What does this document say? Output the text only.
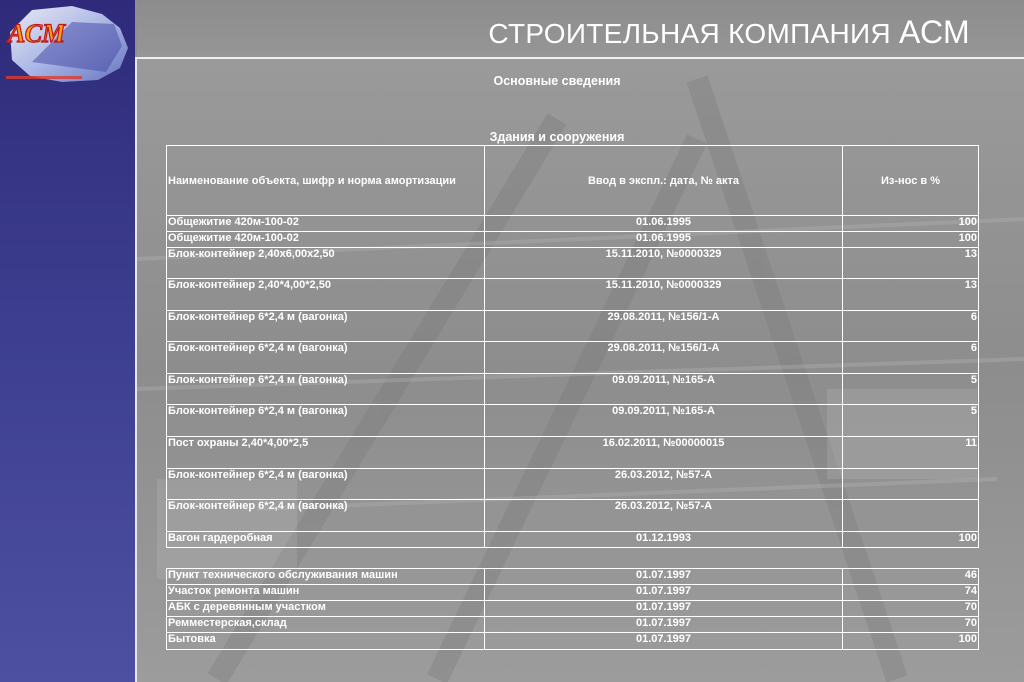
АСМ	СТРОИТЕЛЬНАЯ КОМПАНИЯ АСМ
Основные сведения
Здания и сооружения
Наименование объекта, шифр и норма амортизации	Ввод в экспл.: дата, № акта	Из-нос в %
Общежитие 420м-100-02	01.06.1995	100
Общежитие 420м-100-02	01.06.1995	100
Блок-контейнер 2,40х6,00х2,50	15.11.2010, №0000329	13
Блок-контейнер 2,40*4,00*2,50	15.11.2010, №0000329	13
Блок-контейнер 6*2,4 м (вагонка)	29.08.2011, №156/1-А	6
Блок-контейнер 6*2,4 м (вагонка)	29.08.2011, №156/1-А	6
Блок-контейнер 6*2,4 м (вагонка)	09.09.2011, №165-А	5
Блок-контейнер 6*2,4 м (вагонка)	09.09.2011, №165-А	5
Пост охраны 2,40*4,00*2,5	16.02.2011, №00000015	11
Блок-контейнер 6*2,4 м (вагонка)	26.03.2012, №57-А	
Блок-контейнер 6*2,4 м (вагонка)	26.03.2012, №57-А	
Вагон гардеробная	01.12.1993	100
Пункт технического обслуживания машин	01.07.1997	46
Участок ремонта машин	01.07.1997	74
АБК с деревянным участком	01.07.1997	70
Ремместерская,склад	01.07.1997	70
Бытовка	01.07.1997	100
